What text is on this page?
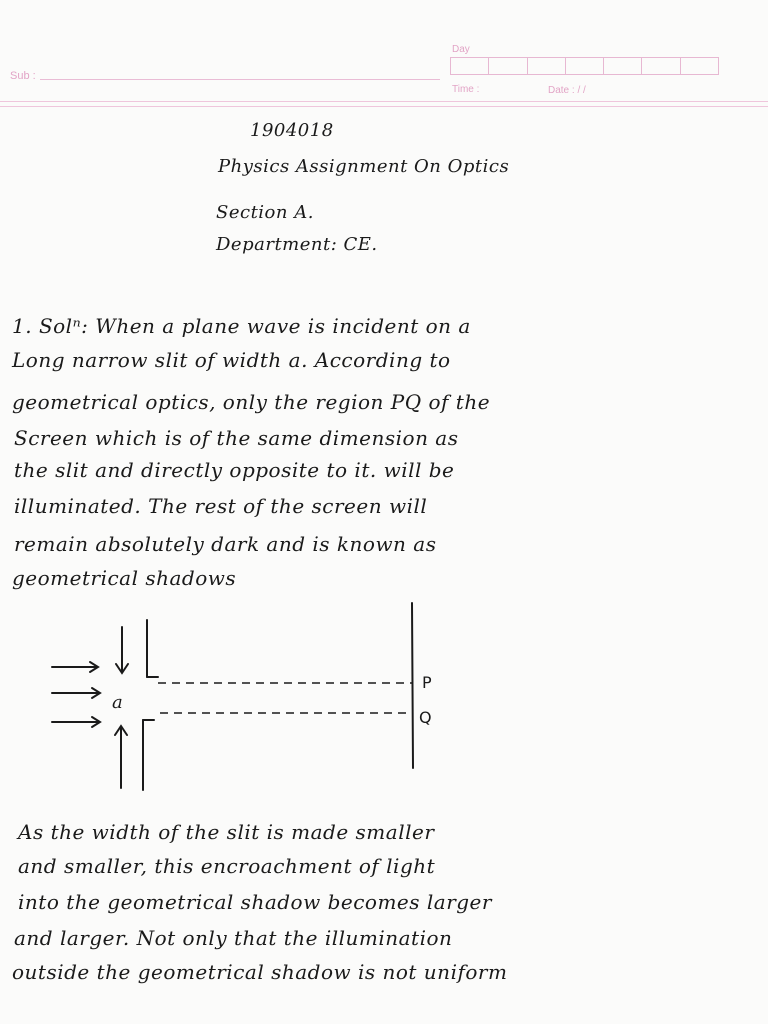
Sub :
Day
Time :	Date : / /
1904018
Physics Assignment On Optics
Section A.
Department: CE.
1. Solⁿ: When a plane wave is incident on a
Long narrow slit of width a. According to
geometrical optics, only the region PQ of the
Screen which is of the same dimension as
the slit and directly opposite to it. will be
illuminated. The rest of the screen will
remain absolutely dark and is known as
geometrical shadows
a
P
Q
As the width of the slit is made smaller
and smaller, this encroachment of light
into the geometrical shadow becomes larger
and larger. Not only that the illumination
outside the geometrical shadow is not uniform
